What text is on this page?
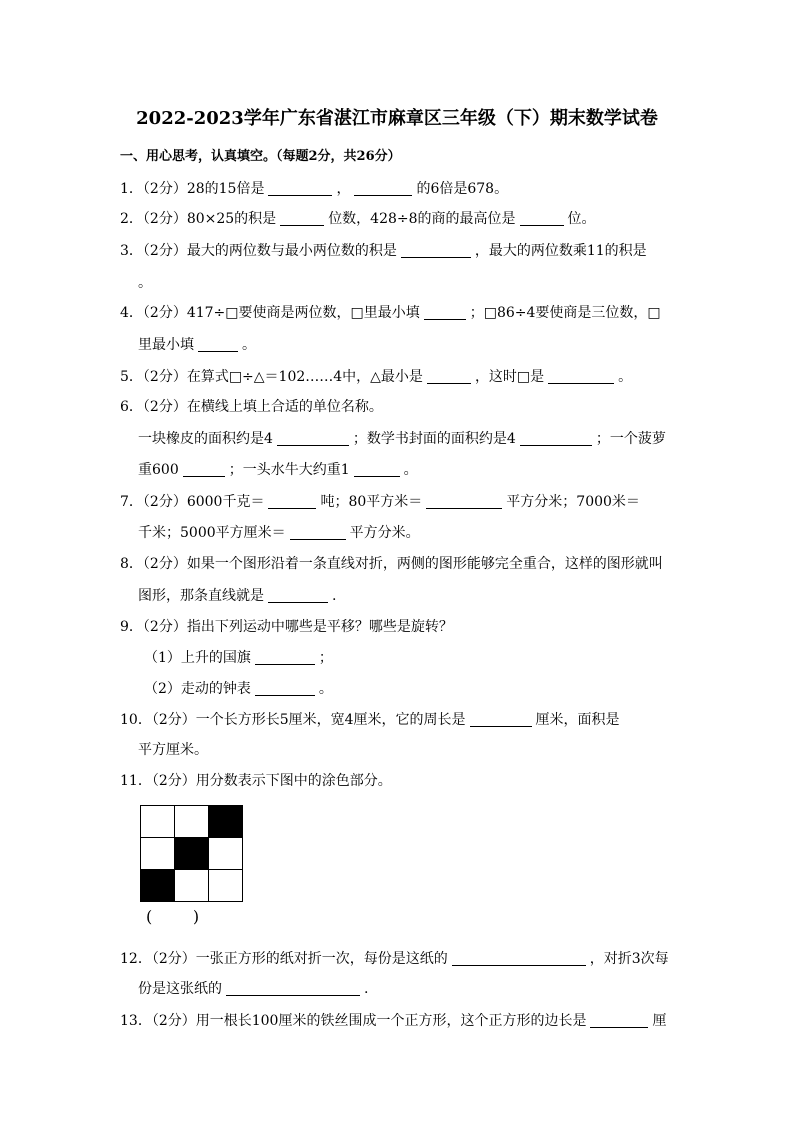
2022-2023学年广东省湛江市麻章区三年级（下）期末数学试卷
一、用心思考，认真填空。（每题2分，共26分）
1．（2分）28的15倍是	，	的6倍是678。
2．（2分）80×25的积是	位数，428÷8的商的最高位是	位。
3．（2分）最大的两位数与最小两位数的积是	，最大的两位数乘11的积是
。
4．（2分）417÷□要使商是两位数，□里最小填	；□86÷4要使商是三位数，□
里最小填	。
5．（2分）在算式□÷△＝102……4中，△最小是	，这时□是	。
6．（2分）在横线上填上合适的单位名称。
一块橡皮的面积约是4	；数学书封面的面积约是4	；一个菠萝
重600	；一头水牛大约重1	。
7．（2分）6000千克＝	吨；80平方米＝	平方分米；7000米＝
千米；5000平方厘米＝	平方分米。
8．（2分）如果一个图形沿着一条直线对折，两侧的图形能够完全重合，这样的图形就叫
图形，那条直线就是	.
9．（2分）指出下列运动中哪些是平移？哪些是旋转？
（1）上升的国旗	；
（2）走动的钟表	。
10．（2分）一个长方形长5厘米，宽4厘米，它的周长是	厘米，面积是
平方厘米。
11．（2分）用分数表示下图中的涂色部分。
(        )
12．（2分）一张正方形的纸对折一次，每份是这纸的	，对折3次每
份是这张纸的	.
13．（2分）用一根长100厘米的铁丝围成一个正方形，这个正方形的边长是	厘
